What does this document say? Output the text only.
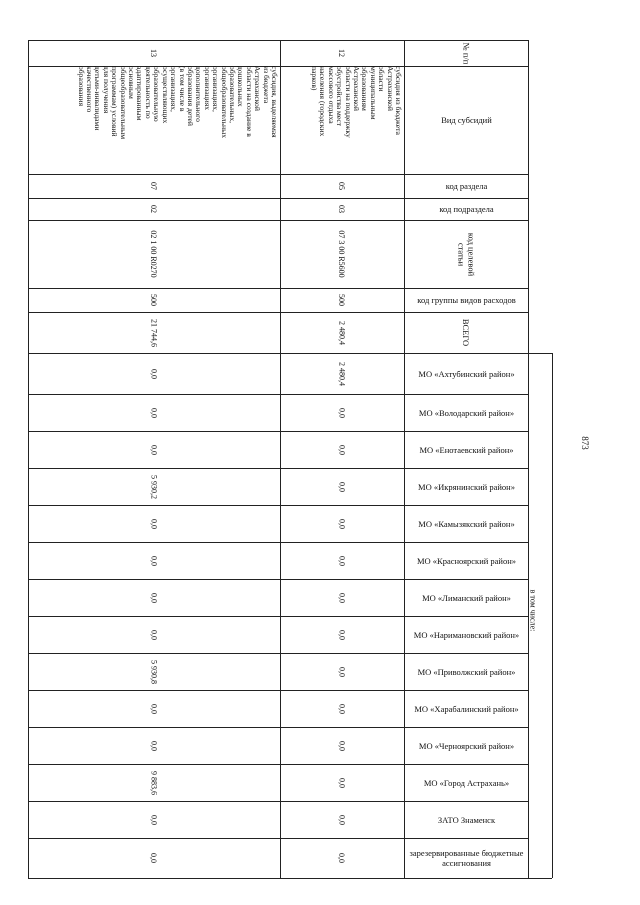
№ п/п
Вид субсидий
код раздела
код подраздела
код целевой статьи
код группы видов расходов
ВСЕГО
МО «Ахтубинский район»
МО «Володарский район»
МО «Енотаевский район»
МО «Икрянинский район»
МО «Камызякский район»
МО «Красноярский район»
МО «Лиманский район»
МО «Наримановский район»
МО «Приволжский район»
МО «Харабалинский район»
МО «Черноярский район»
МО «Город Астрахань»
ЗАТО Знаменск
зарезервированные бюджетные ассигнования
12
субсидия из бюджета
Астраханской
области
муниципальным
образованиям
Астраханской
области на поддержку
обустройства мест
массового отдыха
населения (городских
парков)
05
03
07 3 00 R5600
500
2 480,4
2 480,4
0,0
0,0
0,0
0,0
0,0
0,0
0,0
0,0
0,0
0,0
0,0
0,0
0,0
13
субсидия, выделяемая
из бюджета
Астраханской
области на создание в
дошкольных
образовательных,
общеобразовательных
организациях,
организациях
дополнительного
образования детей
(в том числе в
организациях,
осуществляющих
образовательную
деятельность по
адаптированным
основным
общеобразовательным
программам) условий
для получения
детьми-инвалидами
качественного
образования
07
02
02 1 00 R0270
500
21 744,6
0,0
0,0
0,0
5 930,2
0,0
0,0
0,0
0,0
5 930,8
0,0
0,0
9 883,6
0,0
0,0
873
в том числе:
